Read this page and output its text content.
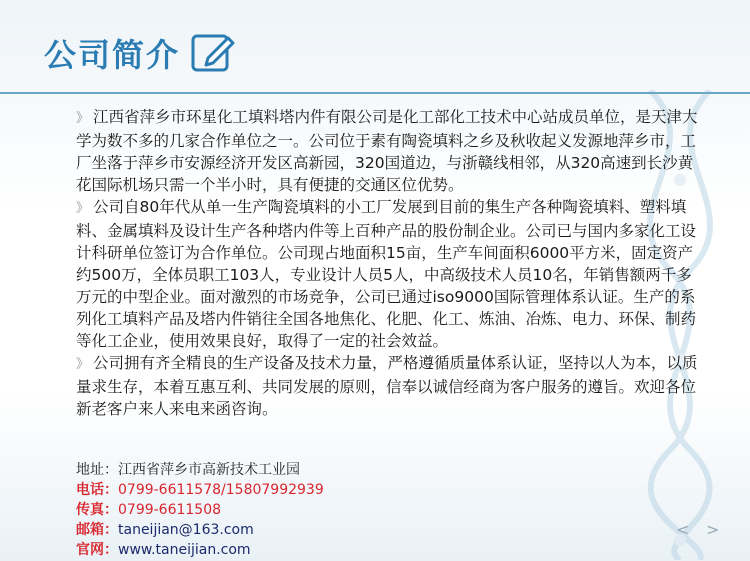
公司简介

》 江西省萍乡市环星化工填料塔内件有限公司是化工部化工技术中心站成员单位，是天津大学为数不多的几家合作单位之一。公司位于素有陶瓷填料之乡及秋收起义发源地萍乡市，工厂坐落于萍乡市安源经济开发区高新园，320国道边，与浙赣线相邻，从320高速到长沙黄花国际机场只需一个半小时，具有便捷的交通区位优势。

》 公司自80年代从单一生产陶瓷填料的小工厂发展到目前的集生产各种陶瓷填料、塑料填料、金属填料及设计生产各种塔内件等上百种产品的股份制企业。公司已与国内多家化工设计科研单位签订为合作单位。公司现占地面积15亩，生产车间面积6000平方米，固定资产约500万，全体员职工103人，专业设计人员5人，中高级技术人员10名，年销售额两千多万元的中型企业。面对激烈的市场竞争，公司已通过iso9000国际管理体系认证。生产的系列化工填料产品及塔内件销往全国各地焦化、化肥、化工、炼油、冶炼、电力、环保、制药等化工企业，使用效果良好，取得了一定的社会效益。

》 公司拥有齐全精良的生产设备及技术力量，严格遵循质量体系认证，坚持以人为本，以质量求生存，本着互惠互利、共同发展的原则，信奉以诚信经商为客户服务的遵旨。欢迎各位新老客户来人来电来函咨询。

地址：江西省萍乡市高新技术工业园
电话：0799-6611578/15807992939
传真：0799-6611508
邮箱：taneijian@163.com
官网：www.taneijian.com
< >
